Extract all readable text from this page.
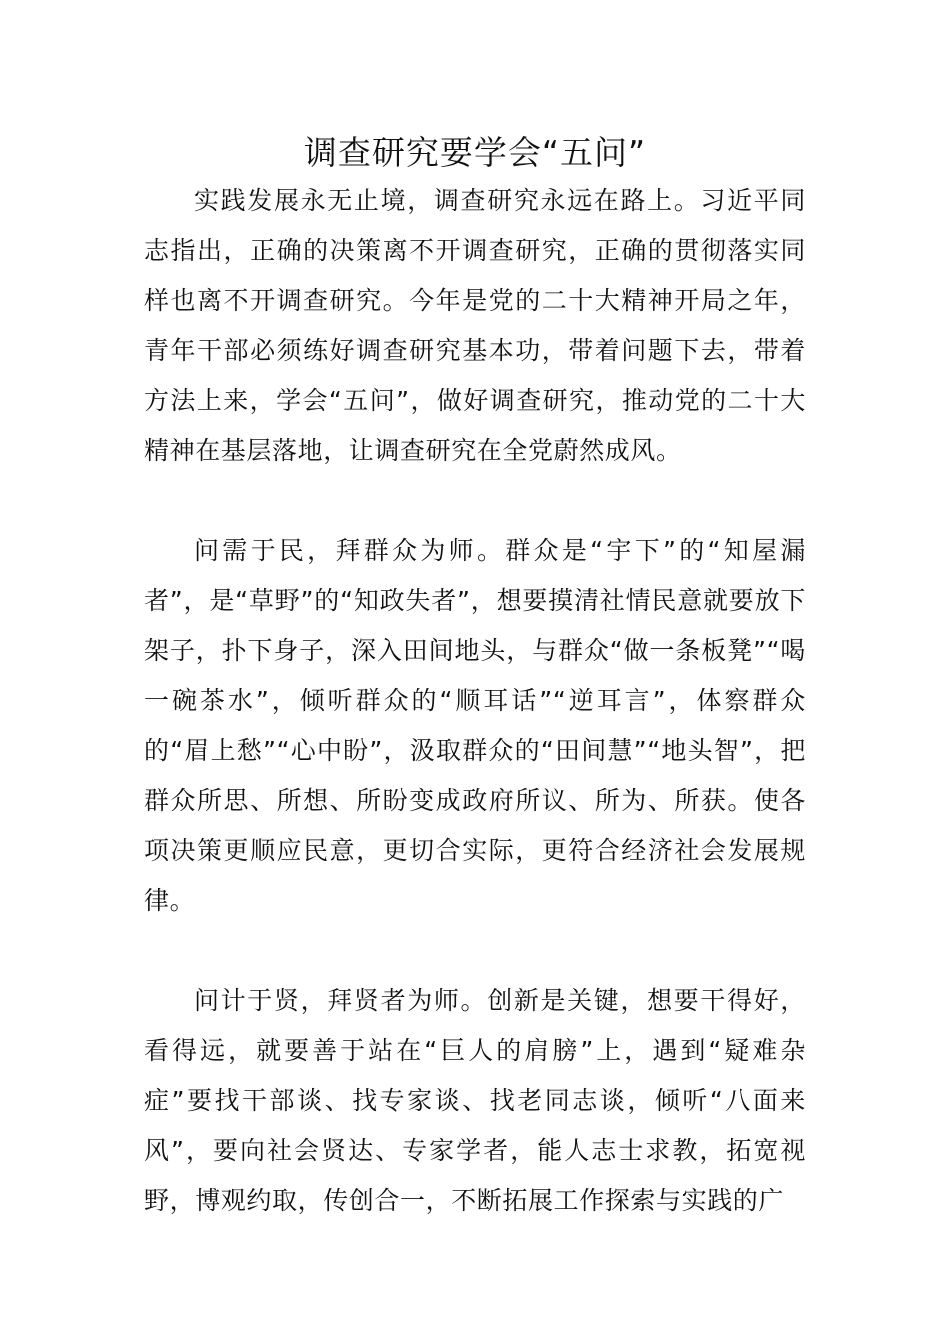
调查研究要学会“五问”

实践发展永无止境，调查研究永远在路上。习近平同志指出，正确的决策离不开调查研究，正确的贯彻落实同样也离不开调查研究。今年是党的二十大精神开局之年，青年干部必须练好调查研究基本功，带着问题下去，带着方法上来，学会“五问”，做好调查研究，推动党的二十大精神在基层落地，让调查研究在全党蔚然成风。

问需于民，拜群众为师。群众是“宇下”的“知屋漏者”，是“草野”的“知政失者”，想要摸清社情民意就要放下架子，扑下身子，深入田间地头，与群众“做一条板凳”“喝一碗茶水”，倾听群众的“顺耳话”“逆耳言”，体察群众的“眉上愁”“心中盼”，汲取群众的“田间慧”“地头智”，把群众所思、所想、所盼变成政府所议、所为、所获。使各项决策更顺应民意，更切合实际，更符合经济社会发展规律。

问计于贤，拜贤者为师。创新是关键，想要干得好，看得远，就要善于站在“巨人的肩膀”上，遇到“疑难杂症”要找干部谈、找专家谈、找老同志谈，倾听“八面来风”，要向社会贤达、专家学者，能人志士求教，拓宽视野，博观约取，传创合一，不断拓展工作探索与实践的广
